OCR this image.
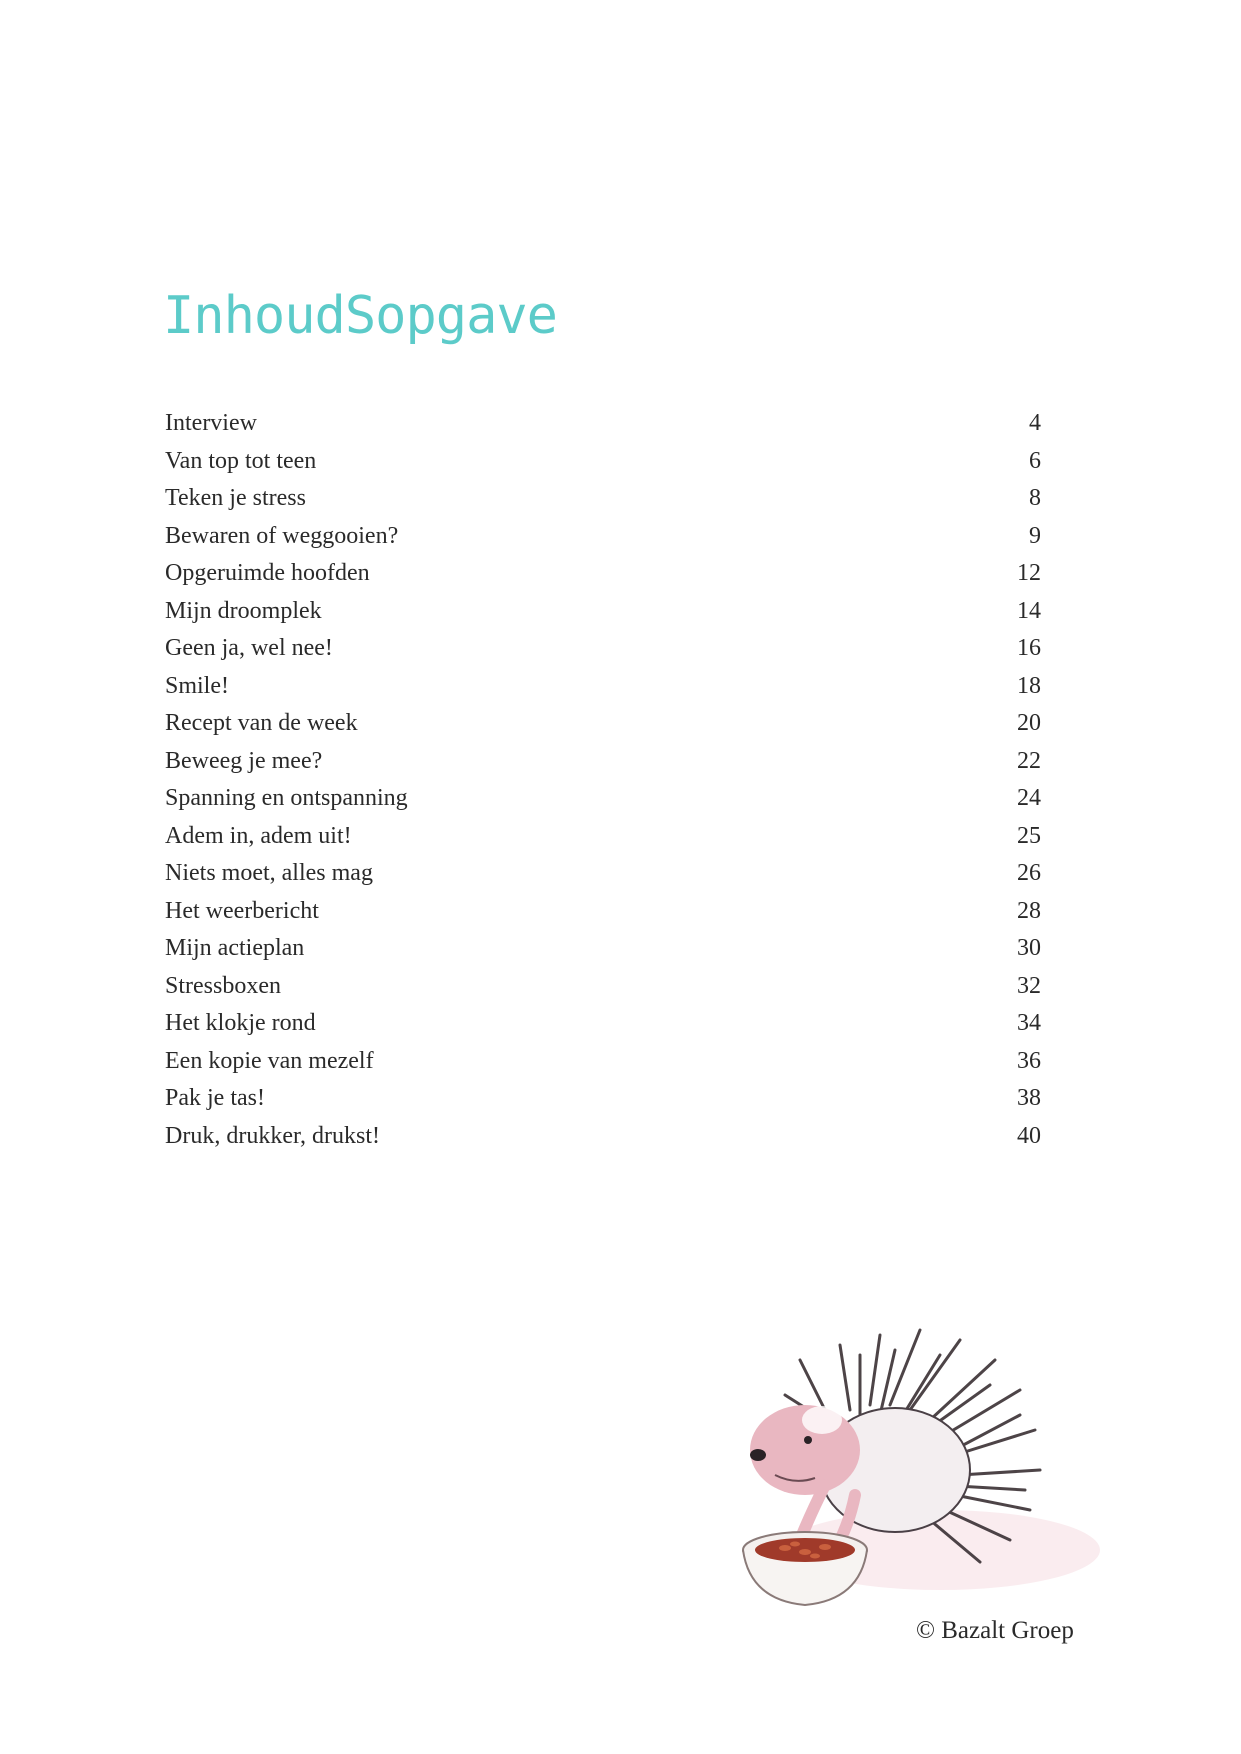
InhoudSopgave
Interview	4
Van top tot teen	6
Teken je stress	8
Bewaren of weggooien?	9
Opgeruimde hoofden	12
Mijn droomplek	14
Geen ja, wel nee!	16
Smile!	18
Recept van de week	20
Beweeg je mee?	22
Spanning en ontspanning	24
Adem in, adem uit!	25
Niets moet, alles mag	26
Het weerbericht	28
Mijn actieplan	30
Stressboxen	32
Het klokje rond	34
Een kopie van mezelf	36
Pak je tas!	38
Druk, drukker, drukst!	40
© Bazalt Groep
